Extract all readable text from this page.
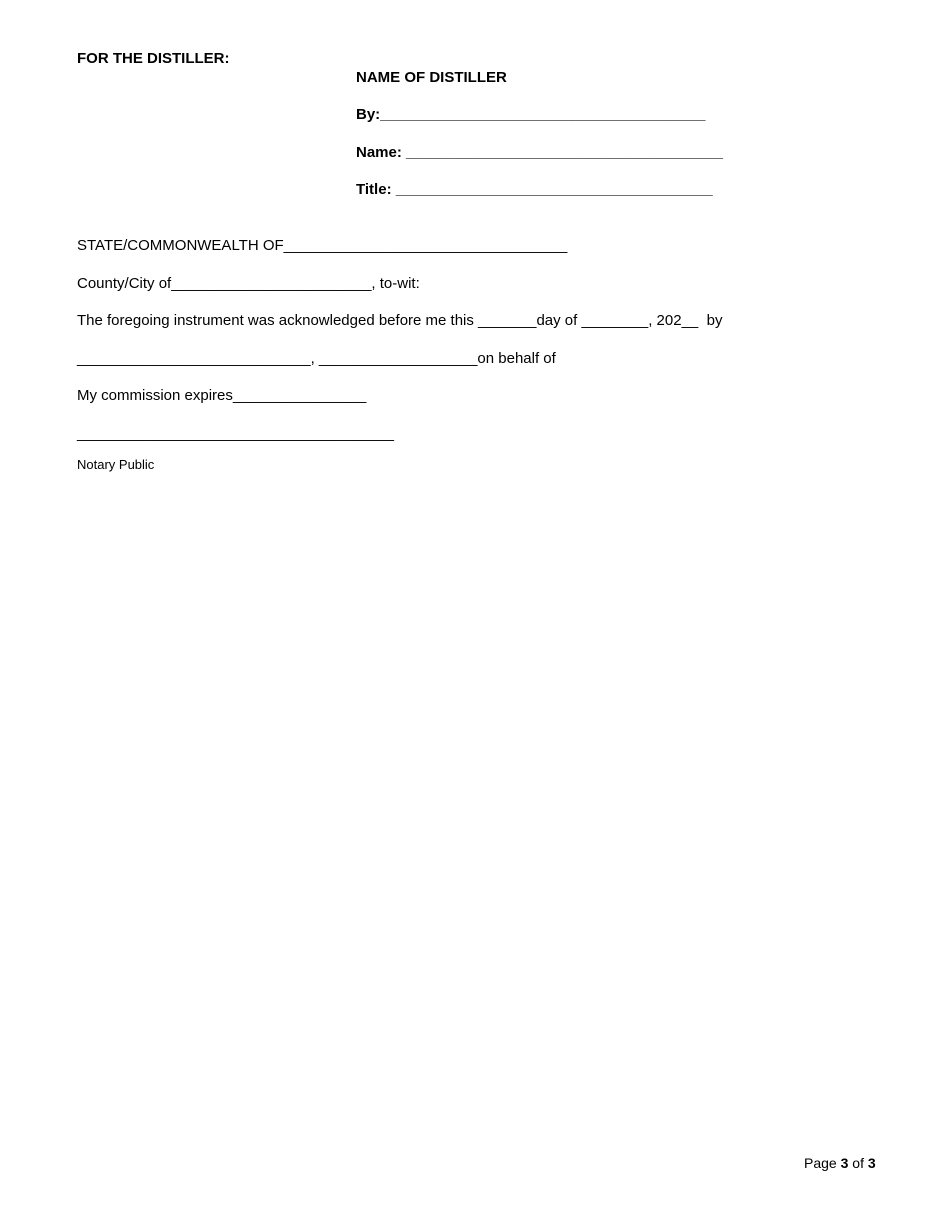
FOR THE DISTILLER:
NAME OF DISTILLER
By:_______________________________________
Name: ______________________________________
Title: ______________________________________
STATE/COMMONWEALTH OF__________________________________
County/City of________________________, to-wit:
The foregoing instrument was acknowledged before me this _______day of ________, 202__  by
____________________________, ___________________on behalf of
My commission expires________________
______________________________________
Notary Public
Page 3 of 3
